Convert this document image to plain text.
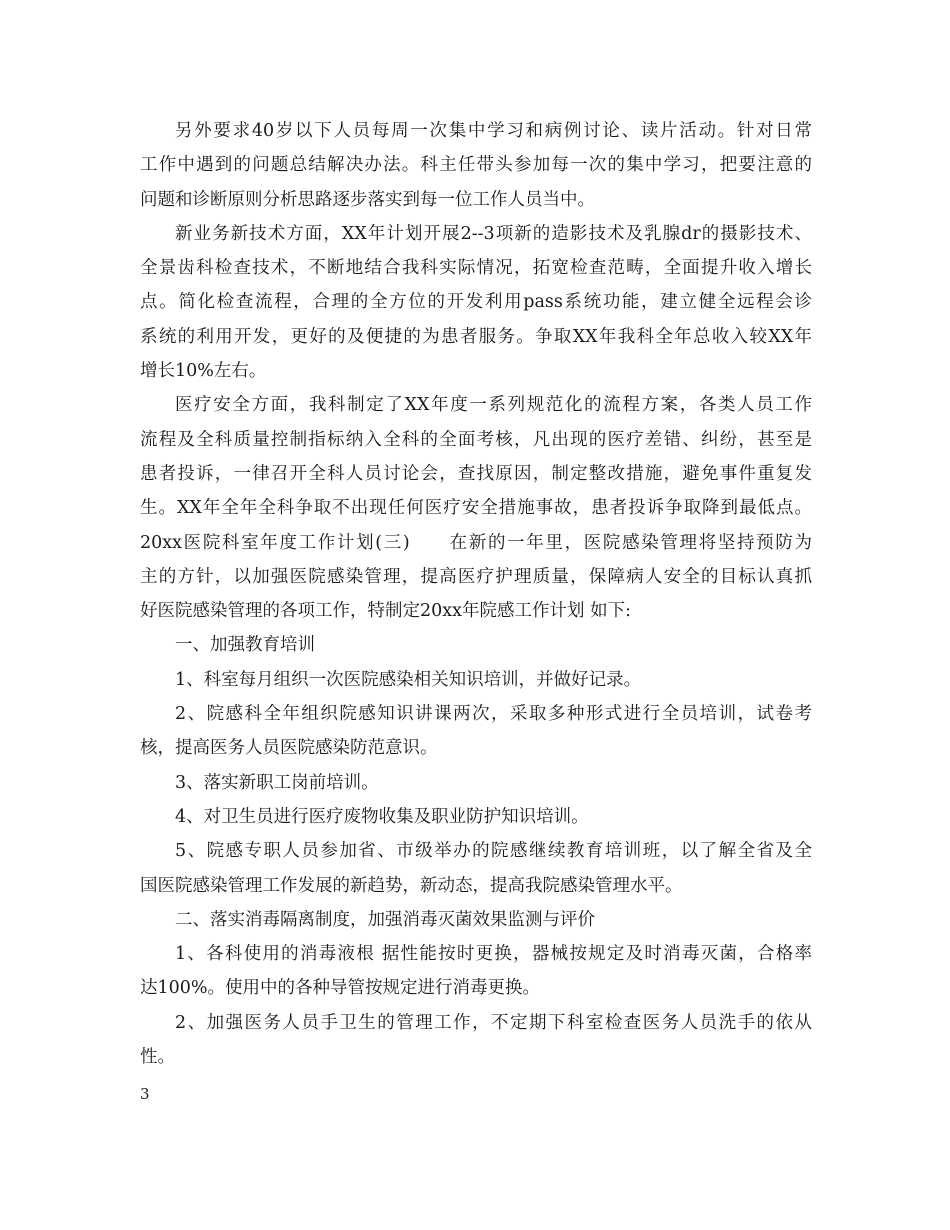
另外要求40岁以下人员每周一次集中学习和病例讨论、读片活动。针对日常
工作中遇到的问题总结解决办法。科主任带头参加每一次的集中学习，把要注意的
问题和诊断原则分析思路逐步落实到每一位工作人员当中。
新业务新技术方面，XX年计划开展2--3项新的造影技术及乳腺dr的摄影技术、
全景齿科检查技术，不断地结合我科实际情况，拓宽检查范畴，全面提升收入增长
点。简化检查流程，合理的全方位的开发利用pass系统功能，建立健全远程会诊
系统的利用开发，更好的及便捷的为患者服务。争取XX年我科全年总收入较XX年
增长10%左右。
医疗安全方面，我科制定了XX年度一系列规范化的流程方案，各类人员工作
流程及全科质量控制指标纳入全科的全面考核，凡出现的医疗差错、纠纷，甚至是
患者投诉，一律召开全科人员讨论会，查找原因，制定整改措施，避免事件重复发
生。XX年全年全科争取不出现任何医疗安全措施事故，患者投诉争取降到最低点。
20xx医院科室年度工作计划(三)　　在新的一年里，医院感染管理将坚持预防为
主的方针，以加强医院感染管理，提高医疗护理质量，保障病人安全的目标认真抓
好医院感染管理的各项工作，特制定20xx年院感工作计划 如下:
一、加强教育培训
1、科室每月组织一次医院感染相关知识培训，并做好记录。
2、院感科全年组织院感知识讲课两次，采取多种形式进行全员培训，试卷考
核，提高医务人员医院感染防范意识。
3、落实新职工岗前培训。
4、对卫生员进行医疗废物收集及职业防护知识培训。
5、院感专职人员参加省、市级举办的院感继续教育培训班，以了解全省及全
国医院感染管理工作发展的新趋势，新动态，提高我院感染管理水平。
二、落实消毒隔离制度，加强消毒灭菌效果监测与评价
1、各科使用的消毒液根 据性能按时更换，器械按规定及时消毒灭菌，合格率
达100%。使用中的各种导管按规定进行消毒更换。
2、加强医务人员手卫生的管理工作，不定期下科室检查医务人员洗手的依从
性。
3
